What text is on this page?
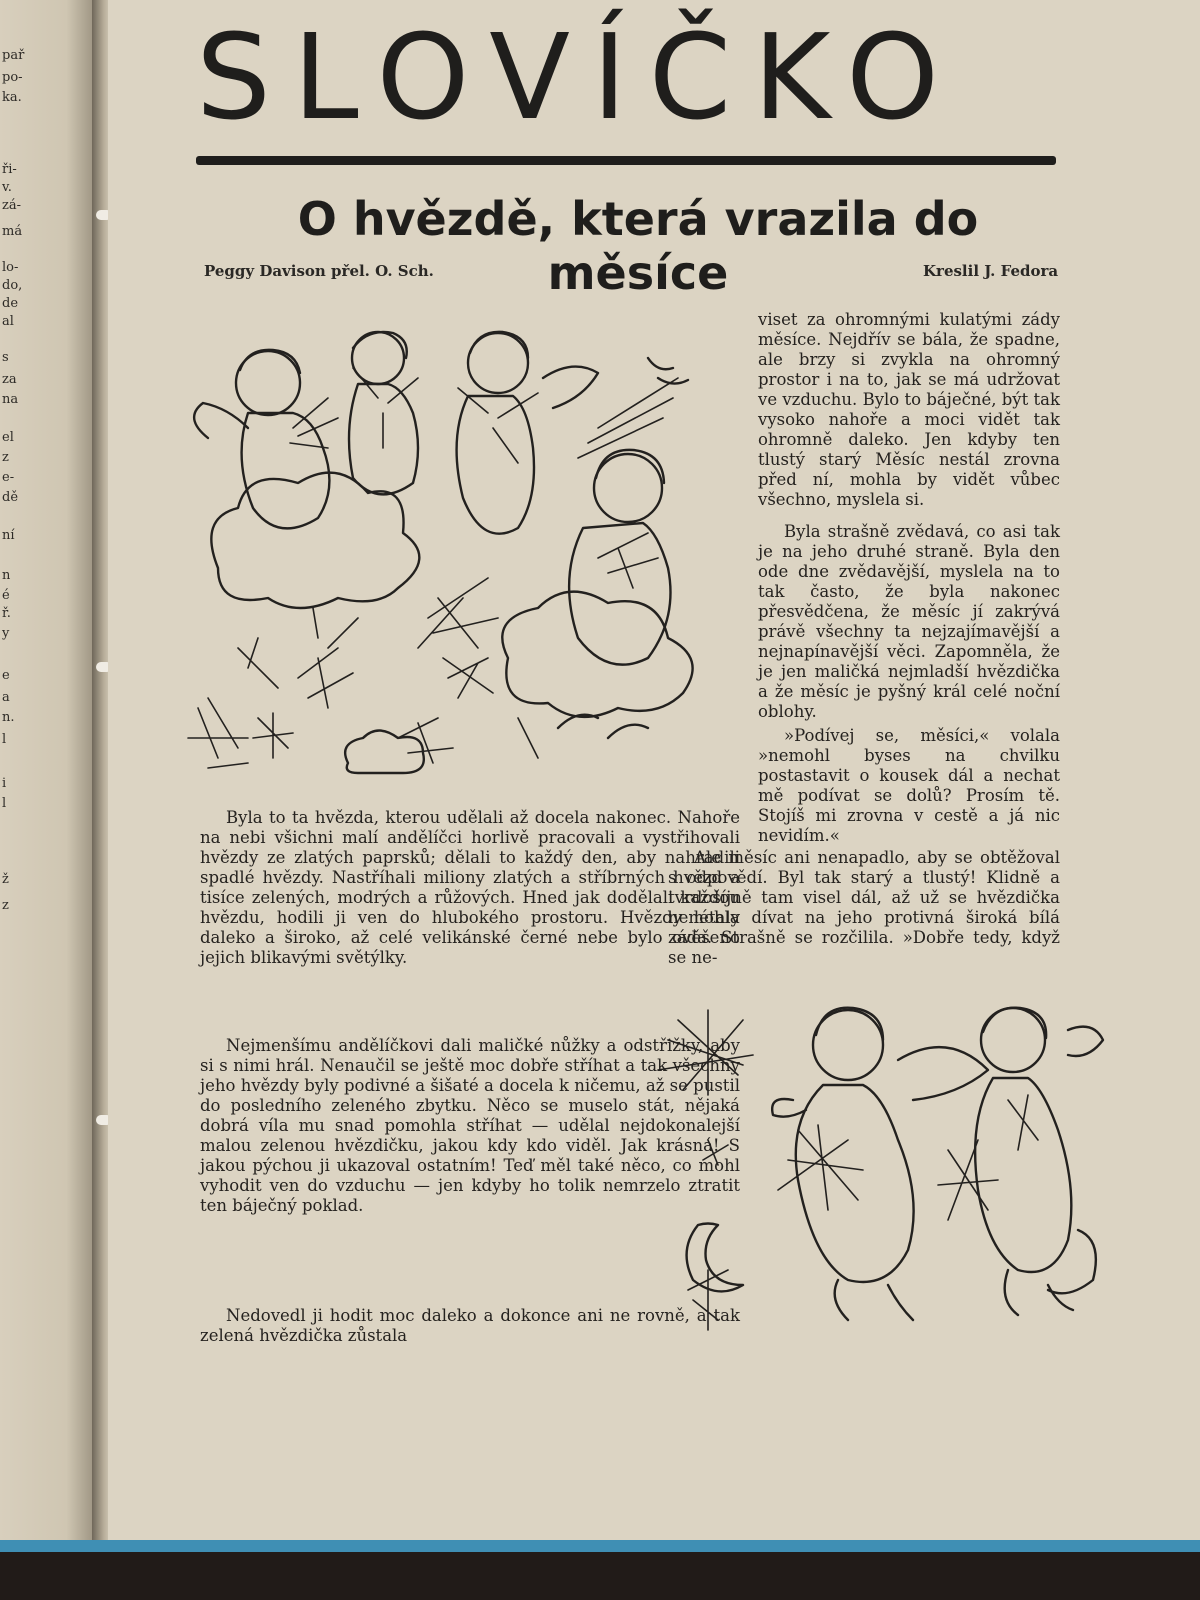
pař
po-
ka.
ři-
v.
zá-
má
lo-
do,
de
al
s
za
na
el
z
e-
dě
ní
n
é
ř.
y
e
a
n.
l
i
l
ž
z
SLOVÍČKO
O hvězdě, která vrazila do měsíce
Peggy Davison přel. O. Sch.	Kreslil J. Fedora

Byla to ta hvězda, kterou udělali až docela nakonec. Nahoře na nebi všichni malí andělíčci horlivě pracovali a vystřihovali hvězdy ze zlatých paprsků; dělali to každý den, aby nahradili spadlé hvězdy. Nastříhali miliony zlatých a stříbrných hvězd a tisíce zelených, modrých a růžových. Hned jak dodělali každou hvězdu, hodili ji ven do hlubokého prostoru. Hvězdy létaly daleko a široko, až celé velikánské černé nebe bylo ověšeno jejich blikavými světýlky.

Nejmenšímu andělíčkovi dali maličké nůžky a odstřižky, aby si s nimi hrál. Nenaučil se ještě moc dobře stříhat a tak všechny jeho hvězdy byly podivné a šišaté a docela k ničemu, až se pustil do posledního zeleného zbytku. Něco se muselo stát, nějaká dobrá víla mu snad pomohla stříhat — udělal nejdokonalejší malou zelenou hvězdičku, jakou kdy kdo viděl. Jak krásná! S jakou pýchou ji ukazoval ostatním! Teď měl také něco, co mohl vyhodit ven do vzduchu — jen kdyby ho tolik nemrzelo ztratit ten báječný poklad.

Nedovedl ji hodit moc daleko a dokonce ani ne rovně, a tak zelená hvězdička zůstala

viset za ohromnými kulatými zády měsíce. Nejdřív se bála, že spadne, ale brzy si zvykla na ohromný prostor i na to, jak se má udržovat ve vzduchu. Bylo to báječné, být tak vysoko nahoře a moci vidět tak ohromně daleko. Jen kdyby ten tlustý starý Měsíc nestál zrovna před ní, mohla by vidět vůbec všechno, myslela si.

Byla strašně zvědavá, co asi tak je na jeho druhé straně. Byla den ode dne zvědavější, myslela na to tak často, že byla nakonec přesvědčena, že měsíc jí zakrývá právě všechny ta nejzajímavější a nejnapínavější věci. Zapomněla, že je jen maličká nejmladší hvězdička a že měsíc je pyšný král celé noční oblohy.

»Podívej se, měsíci,« volala »nemohl byses na chvilku postastavit o kousek dál a nechat mě podívat se dolů? Prosím tě. Stojíš mi zrovna v cestě a já nic nevidím.«

Ale měsíc ani nenapadlo, aby se obtěžoval s odpovědí. Byl tak starý a tlustý! Klidně a tvrdošíjně tam visel dál, až už se hvězdička nemohla dívat na jeho protivná široká bílá záda. Strašně se rozčilila. »Dobře tedy, když se ne-
